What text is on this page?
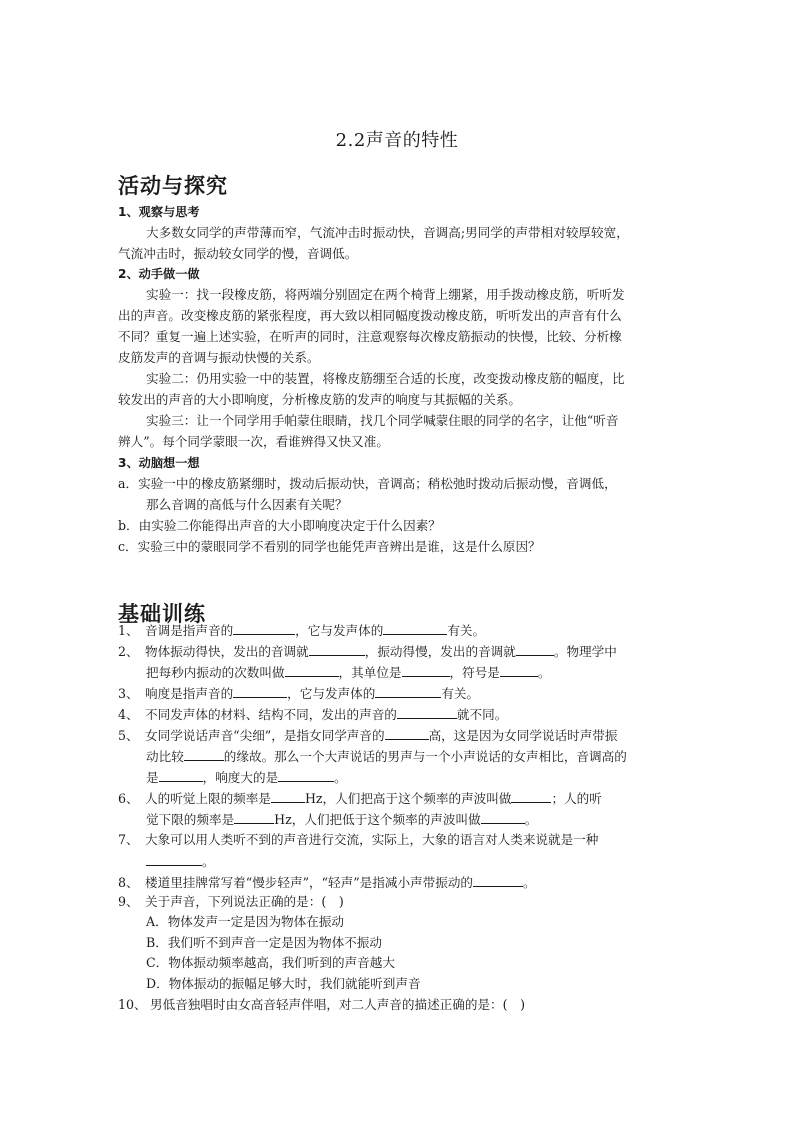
2.2声音的特性
活动与探究
1、观察与思考
大多数女同学的声带薄而窄，气流冲击时振动快，音调高;男同学的声带相对较厚较宽，
气流冲击时，振动较女同学的慢，音调低。
2、动手做一做
实验一：找一段橡皮筋，将两端分别固定在两个椅背上绷紧，用手拨动橡皮筋，听听发
出的声音。改变橡皮筋的紧张程度，再大致以相同幅度拨动橡皮筋，听听发出的声音有什么
不同？重复一遍上述实验，在听声的同时，注意观察每次橡皮筋振动的快慢，比较、分析橡
皮筋发声的音调与振动快慢的关系。
实验二：仍用实验一中的装置，将橡皮筋绷至合适的长度，改变拨动橡皮筋的幅度，比
较发出的声音的大小即响度，分析橡皮筋的发声的响度与其振幅的关系。
实验三：让一个同学用手帕蒙住眼睛，找几个同学喊蒙住眼的同学的名字，让他“听音
辨人”。每个同学蒙眼一次，看谁辨得又快又准。
3、动脑想一想
a．实验一中的橡皮筋紧绷时，拨动后振动快，音调高；稍松弛时拨动后振动慢，音调低，
那么音调的高低与什么因素有关呢？
b．由实验二你能得出声音的大小即响度决定于什么因素？
c．实验三中的蒙眼同学不看别的同学也能凭声音辨出是谁，这是什么原因？
基础训练
1、 音调是指声音的	，它与发声体的	有关。
2、 物体振动得快，发出的音调就	，振动得慢，发出的音调就	。物理学中
把每秒内振动的次数叫做	，其单位是	，符号是	。
3、 响度是指声音的	，它与发声体的	有关。
4、 不同发声体的材料、结构不同，发出的声音的	就不同。
5、 女同学说话声音“尖细”，是指女同学声音的	高，这是因为女同学说话时声带振
动比较	的缘故。那么一个大声说话的男声与一个小声说话的女声相比，音调高的
是	，响度大的是	。
6、 人的听觉上限的频率是	Hz，人们把高于这个频率的声波叫做	；人的听
觉下限的频率是	Hz，人们把低于这个频率的声波叫做	。
7、 大象可以用人类听不到的声音进行交流，实际上，大象的语言对人类来说就是一种
。
8、 楼道里挂牌常写着“慢步轻声”，“轻声”是指减小声带振动的	。
9、 关于声音，下列说法正确的是：(　)
A．物体发声一定是因为物体在振动
B．我们听不到声音一定是因为物体不振动
C．物体振动频率越高，我们听到的声音越大
D．物体振动的振幅足够大时，我们就能听到声音
10、 男低音独唱时由女高音轻声伴唱，对二人声音的描述正确的是：(　)
